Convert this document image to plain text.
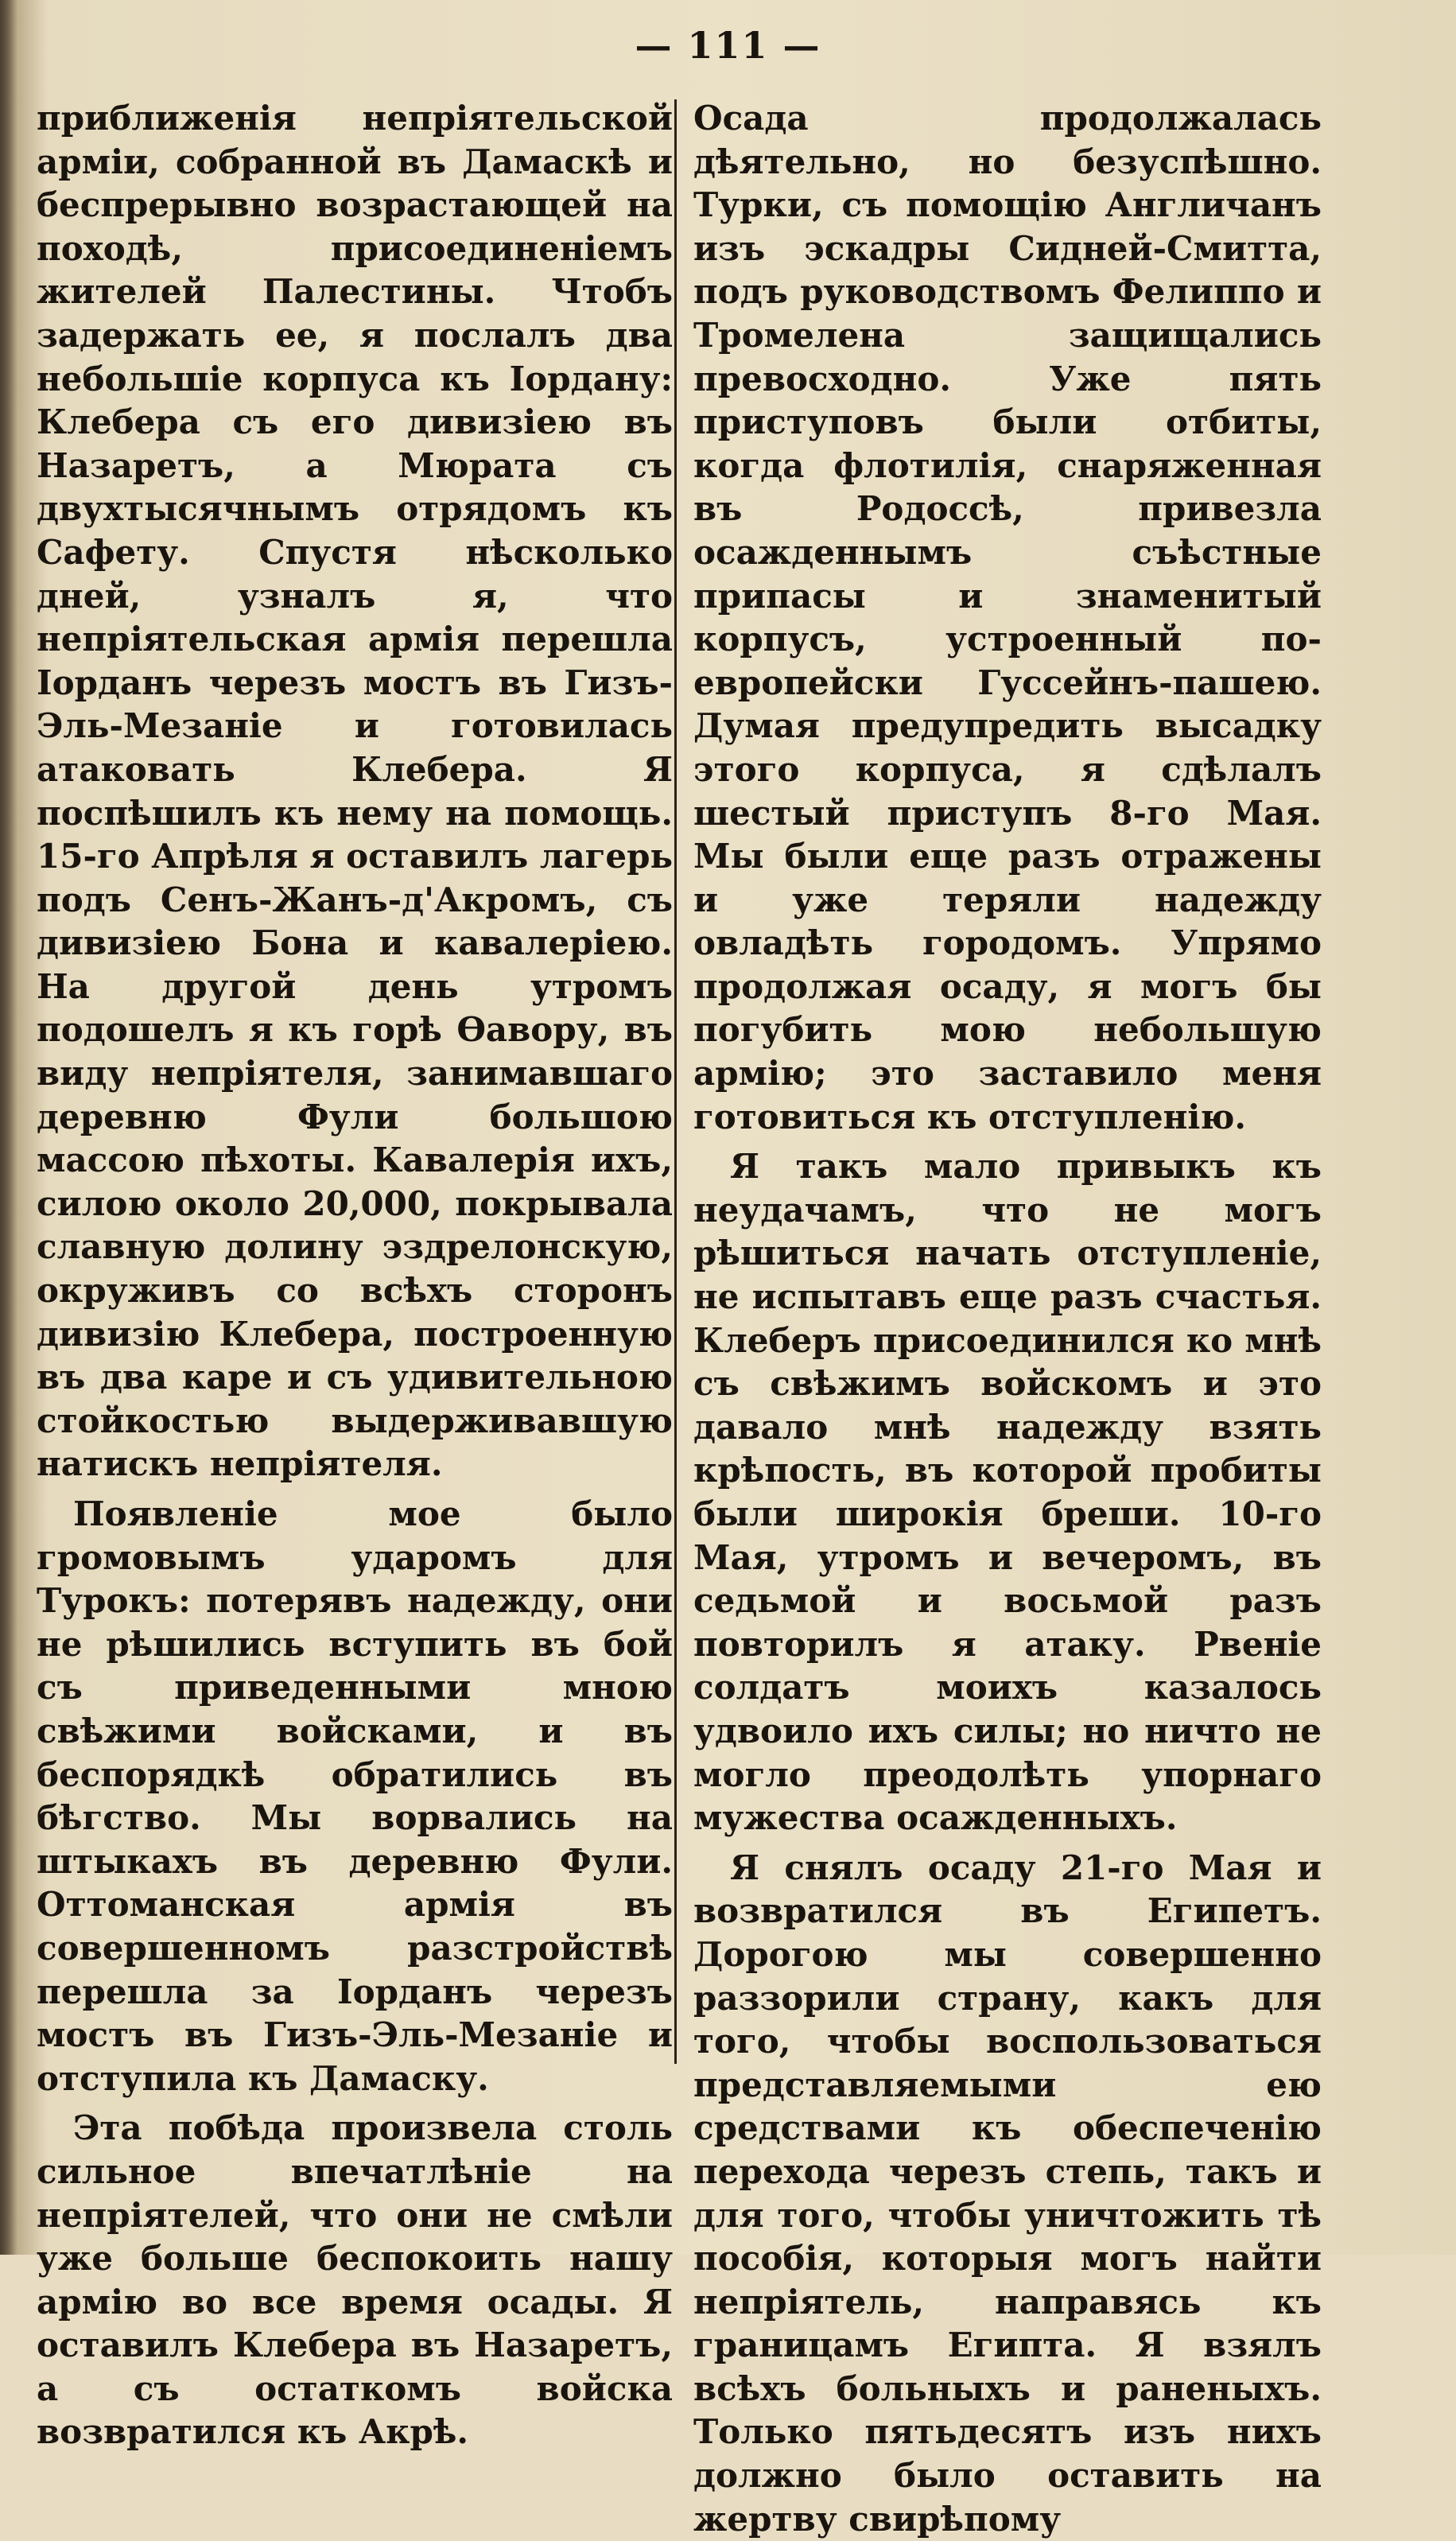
— 111 —

приближенія непріятельской арміи, собранной въ Дамаскѣ и беспрерывно возрастающей на походѣ, присоединеніемъ жителей Палестины. Чтобъ задержать ее, я послалъ два небольшіе корпуса къ Іордану: Клебера съ его дивизіею въ Назаретъ, а Мюрата съ двухтысячнымъ отрядомъ къ Сафету. Спустя нѣсколько дней, узналъ я, что непріятельская армія перешла Іорданъ черезъ мостъ въ Гизъ-Эль-Мезаніе и готовилась атаковать Клебера. Я поспѣшилъ къ нему на помощь. 15-го Апрѣля я оставилъ лагерь подъ Сенъ-Жанъ-д'Акромъ, съ дивизіею Бона и кавалеріею. На другой день утромъ подошелъ я къ горѣ Ѳавору, въ виду непріятеля, занимавшаго деревню Фули большою массою пѣхоты. Кавалерія ихъ, силою около 20,000, покрывала славную долину эздрелонскую, окруживъ со всѣхъ сторонъ дивизію Клебера, построенную въ два каре и съ удивительною стойкостью выдерживавшую натискъ непріятеля.

Появленіе мое было громовымъ ударомъ для Турокъ: потерявъ надежду, они не рѣшились вступить въ бой съ приведенными мною свѣжими войсками, и въ беспорядкѣ обратились въ бѣгство. Мы ворвались на штыкахъ въ деревню Фули. Оттоманская армія въ совершенномъ разстройствѣ перешла за Іорданъ черезъ мостъ въ Гизъ-Эль-Мезаніе и отступила къ Дамаску.

Эта побѣда произвела столь сильное впечатлѣніе на непріятелей, что они не смѣли уже больше беспокоить нашу армію во все время осады. Я оставилъ Клебера въ Назаретъ, а съ остаткомъ войска возвратился къ Акрѣ.

Осада продолжалась дѣятельно, но безуспѣшно. Турки, съ помощію Англичанъ изъ эскадры Сидней-Смитта, подъ руководствомъ Фелиппо и Тромелена защищались превосходно. Уже пять приступовъ были отбиты, когда флотилія, снаряженная въ Родоссѣ, привезла осажденнымъ съѣстные припасы и знаменитый корпусъ, устроенный по-европейски Гуссейнъ-пашею. Думая предупредить высадку этого корпуса, я сдѣлалъ шестый приступъ 8-го Мая. Мы были еще разъ отражены и уже теряли надежду овладѣть городомъ. Упрямо продолжая осаду, я могъ бы погубить мою небольшую армію; это заставило меня готовиться къ отступленію.

Я такъ мало привыкъ къ неудачамъ, что не могъ рѣшиться начать отступленіе, не испытавъ еще разъ счастья. Клеберъ присоединился ко мнѣ съ свѣжимъ войскомъ и это давало мнѣ надежду взять крѣпость, въ которой пробиты были широкія бреши. 10-го Мая, утромъ и вечеромъ, въ седьмой и восьмой разъ повторилъ я атаку. Рвеніе солдатъ моихъ казалось удвоило ихъ силы; но ничто не могло преодолѣть упорнаго мужества осажденныхъ.

Я снялъ осаду 21-го Мая и возвратился въ Египетъ. Дорогою мы совершенно раззорили страну, какъ для того, чтобы воспользоваться представляемыми ею средствами къ обеспеченію перехода черезъ степь, такъ и для того, чтобы уничтожить тѣ пособія, которыя могъ найти непріятель, направясь къ границамъ Египта. Я взялъ всѣхъ больныхъ и раненыхъ. Только пятьдесятъ изъ нихъ должно было оставить на жертву свирѣпому
